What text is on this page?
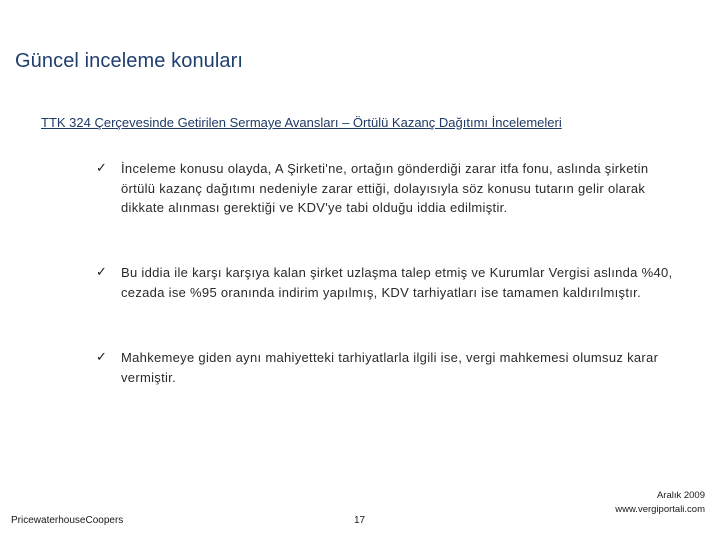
Güncel inceleme konuları
TTK 324 Çerçevesinde Getirilen Sermaye Avansları – Örtülü Kazanç Dağıtımı İncelemeleri
✓	İnceleme konusu olayda, A Şirketi'ne, ortağın gönderdiği zarar itfa fonu, aslında şirketin örtülü kazanç dağıtımı nedeniyle zarar ettiği, dolayısıyla söz konusu tutarın gelir olarak dikkate alınması gerektiği ve KDV'ye tabi olduğu iddia edilmiştir.
✓	Bu iddia ile karşı karşıya kalan şirket uzlaşma talep etmiş ve Kurumlar Vergisi aslında %40, cezada ise %95 oranında indirim yapılmış, KDV tarhiyatları ise tamamen kaldırılmıştır.
✓	Mahkemeye giden aynı mahiyetteki tarhiyatlarla ilgili ise, vergi mahkemesi olumsuz karar vermiştir.
PricewaterhouseCoopers	17
Aralık 2009
www.vergiportali.com
